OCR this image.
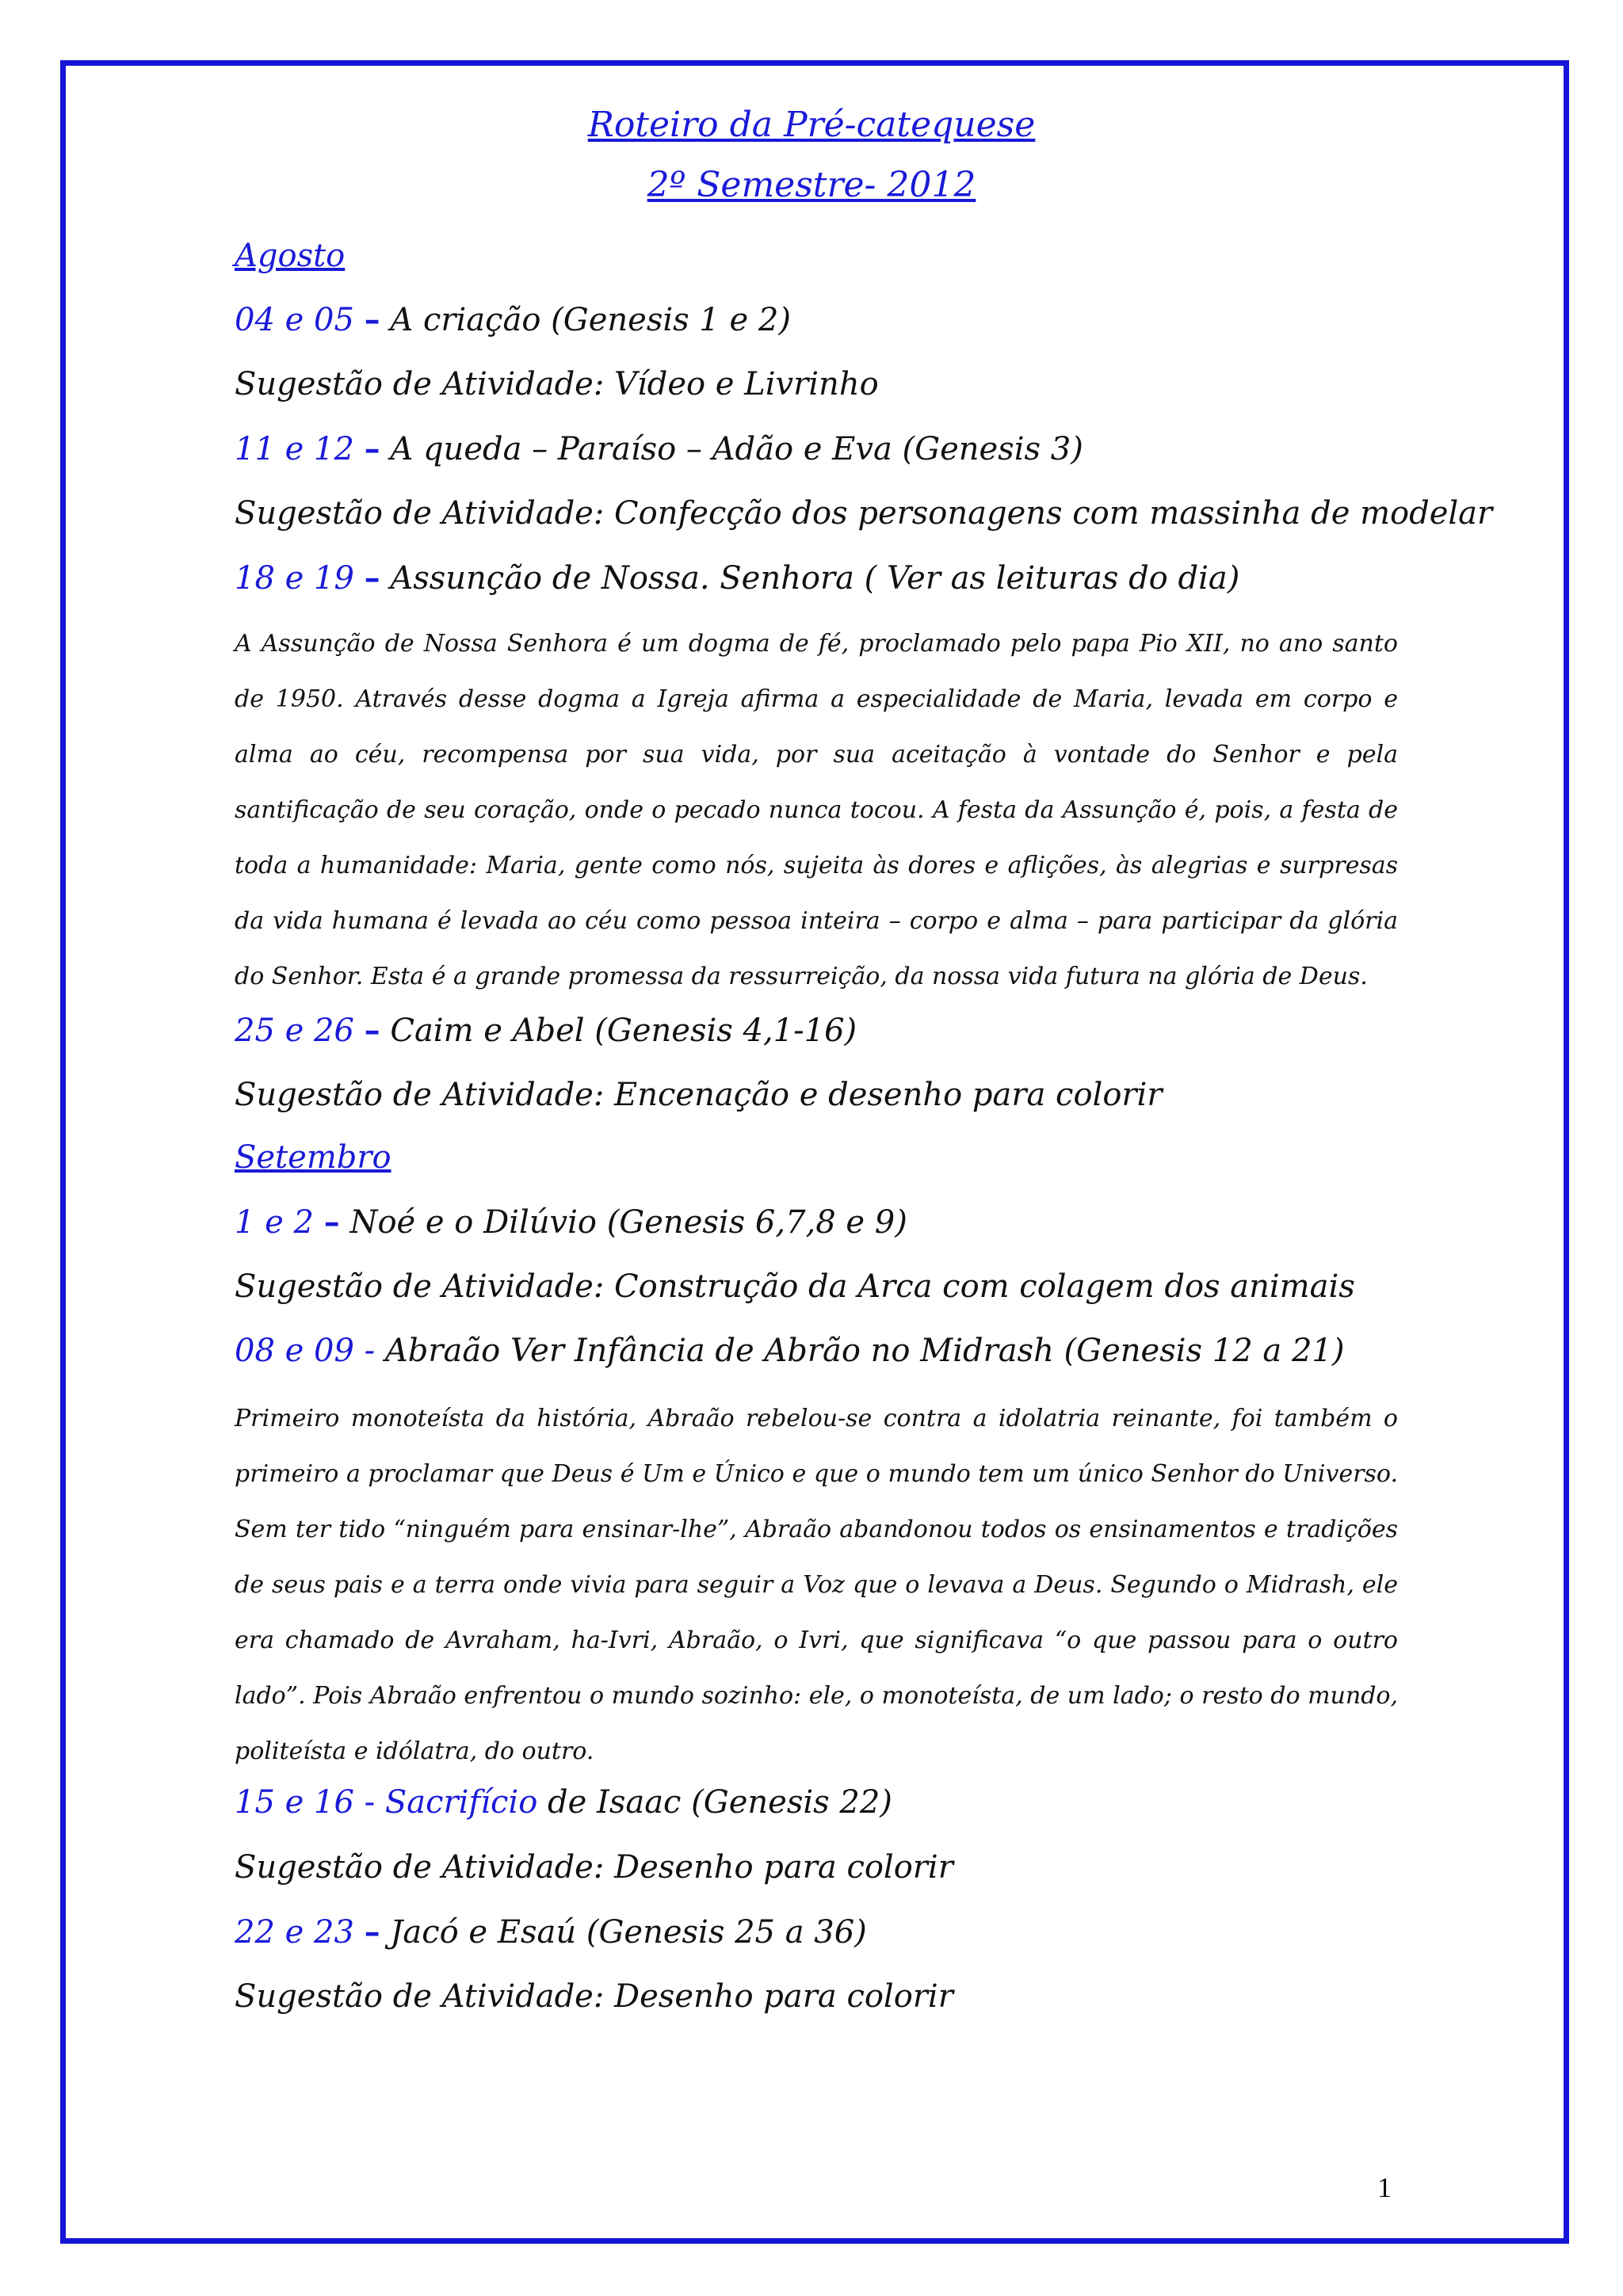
Roteiro da Pré-catequese
2º Semestre- 2012
Agosto
04 e 05 – A criação (Genesis 1 e 2)
Sugestão de Atividade: Vídeo e Livrinho
11 e 12 – A queda – Paraíso – Adão e Eva (Genesis 3)
Sugestão de Atividade: Confecção dos personagens com massinha de modelar
18 e 19 – Assunção de Nossa. Senhora ( Ver as leituras do dia)
A Assunção de Nossa Senhora é um dogma de fé, proclamado pelo papa Pio XII, no ano santo de 1950. Através desse dogma a Igreja afirma a especialidade de Maria, levada em corpo e alma ao céu, recompensa por sua vida, por sua aceitação à vontade do Senhor e pela santificação de seu coração, onde o pecado nunca tocou. A festa da Assunção é, pois, a festa de toda a humanidade: Maria, gente como nós, sujeita às dores e aflições, às alegrias e surpresas da vida humana é levada ao céu como pessoa inteira – corpo e alma – para participar da glória do Senhor. Esta é a grande promessa da ressurreição, da nossa vida futura na glória de Deus.
25 e 26 – Caim e Abel (Genesis 4,1-16)
Sugestão de Atividade: Encenação e desenho para colorir
Setembro
1 e 2 – Noé e o Dilúvio (Genesis 6,7,8 e 9)
Sugestão de Atividade: Construção da Arca com colagem dos animais
08 e 09 - Abraão Ver Infância de Abrão no Midrash (Genesis 12 a 21)
Primeiro monoteísta da história, Abraão rebelou-se contra a idolatria reinante, foi também o primeiro a proclamar que Deus é Um e Único e que o mundo tem um único Senhor do Universo. Sem ter tido “ninguém para ensinar-lhe”, Abraão abandonou todos os ensinamentos e tradições de seus pais e a terra onde vivia para seguir a Voz que o levava a Deus. Segundo o Midrash, ele era chamado de Avraham, ha-Ivri, Abraão, o Ivri, que significava “o que passou para o outro lado”. Pois Abraão enfrentou o mundo sozinho: ele, o monoteísta, de um lado; o resto do mundo, politeísta e idólatra, do outro.
15 e 16 - Sacrifício de Isaac (Genesis 22)
Sugestão de Atividade: Desenho para colorir
22 e 23 – Jacó e Esaú (Genesis 25 a 36)
Sugestão de Atividade: Desenho para colorir
1
